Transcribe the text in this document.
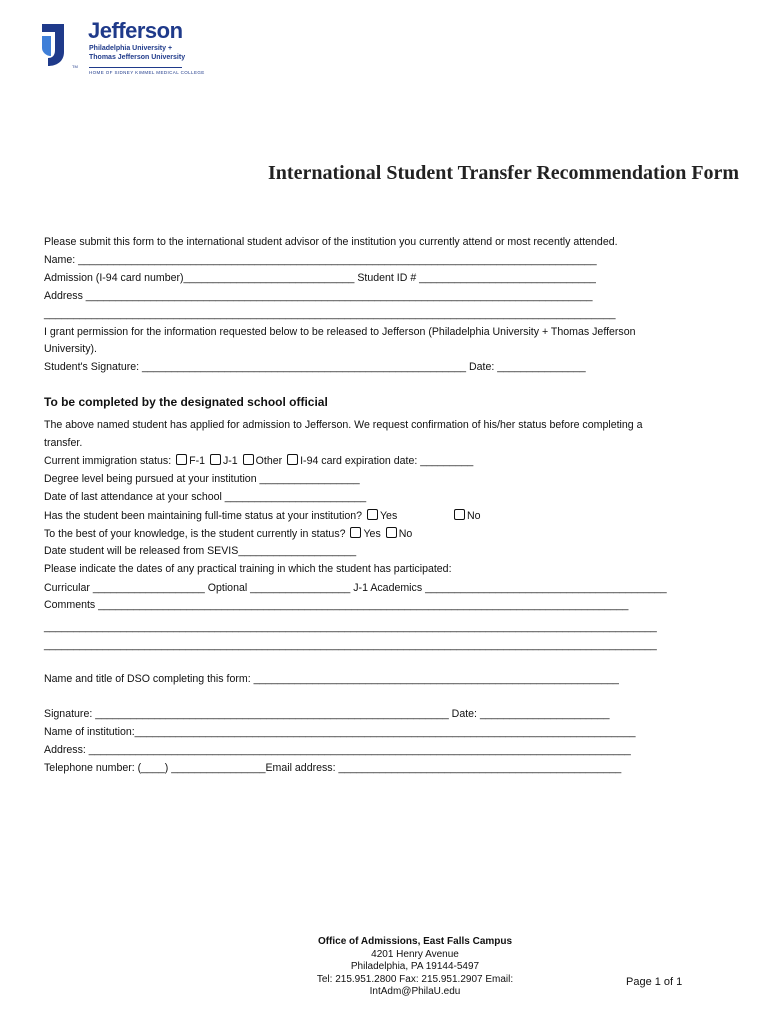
TM
Jefferson
Philadelphia University +
Thomas Jefferson University
HOME OF SIDNEY KIMMEL MEDICAL COLLEGE
International Student Transfer Recommendation Form
Please submit this form to the international student advisor of the institution you currently attend or most recently attended.
Name: ________________________________________________________________________________________
Admission (I-94 card number)_____________________________ Student ID # ______________________________
Address ______________________________________________________________________________________
_________________________________________________________________________________________________
I grant permission for the information requested below to be released to Jefferson (Philadelphia University + Thomas Jefferson
University).
Student's Signature: _______________________________________________________ Date: _______________
To be completed by the designated school official
The above named student has applied for admission to Jefferson. We request confirmation of his/her status before completing a
transfer.
Current immigration status: F-1 J-1 Other I-94 card expiration date: _________
Degree level being pursued at your institution _________________
Date of last attendance at your school ________________________
Has the student been maintaining full-time status at your institution? Yes	No
To the best of your knowledge, is the student currently in status? Yes No
Date student will be released from SEVIS____________________
Please indicate the dates of any practical training in which the student has participated:
Curricular ___________________ Optional _________________ J-1 Academics _________________________________________
Comments __________________________________________________________________________________________
________________________________________________________________________________________________________
________________________________________________________________________________________________________
Name and title of DSO completing this form: ______________________________________________________________
Signature: ____________________________________________________________ Date: ______________________
Name of institution:_____________________________________________________________________________________
Address: ____________________________________________________________________________________________
Telephone number: (____) ________________Email address: ________________________________________________
Office of Admissions, East Falls Campus
4201 Henry Avenue
Philadelphia, PA 19144-5497
Tel: 215.951.2800 Fax: 215.951.2907 Email:
IntAdm@PhilaU.edu
Page 1 of 1
